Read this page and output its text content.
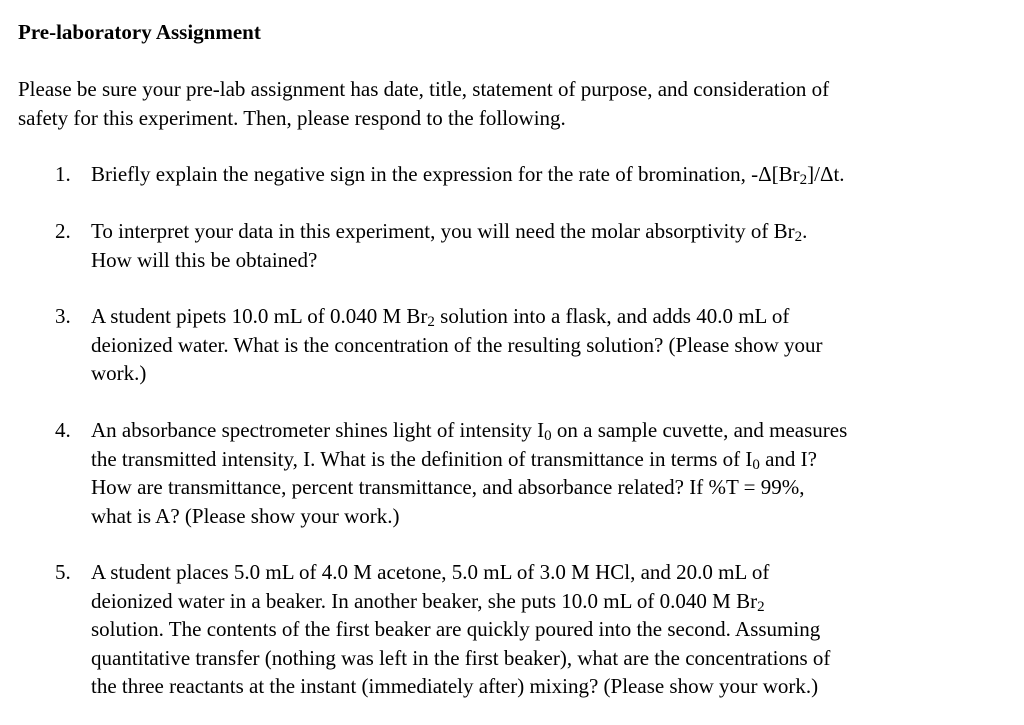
Pre-laboratory Assignment

Please be sure your pre-lab assignment has date, title, statement of purpose, and consideration of
safety for this experiment. Then, please respond to the following.

1. Briefly explain the negative sign in the expression for the rate of bromination, $-\Delta[Br_2]/\Delta t$.
2. To interpret your data in this experiment, you will need the molar absorptivity of $Br_2$.
How will this be obtained?
3. A student pipets 10.0 mL of 0.040 M $Br_2$ solution into a flask, and adds 40.0 mL of
deionized water. What is the concentration of the resulting solution? (Please show your
work.)
4. An absorbance spectrometer shines light of intensity $I_0$ on a sample cuvette, and measures
the transmitted intensity, I. What is the definition of transmittance in terms of $I_0$ and I?
How are transmittance, percent transmittance, and absorbance related? If %T = 99%,
what is A? (Please show your work.)
5. A student places 5.0 mL of 4.0 M acetone, 5.0 mL of 3.0 M HCl, and 20.0 mL of
deionized water in a beaker. In another beaker, she puts 10.0 mL of 0.040 M $Br_2$
solution. The contents of the first beaker are quickly poured into the second. Assuming
quantitative transfer (nothing was left in the first beaker), what are the concentrations of
the three reactants at the instant (immediately after) mixing? (Please show your work.)
